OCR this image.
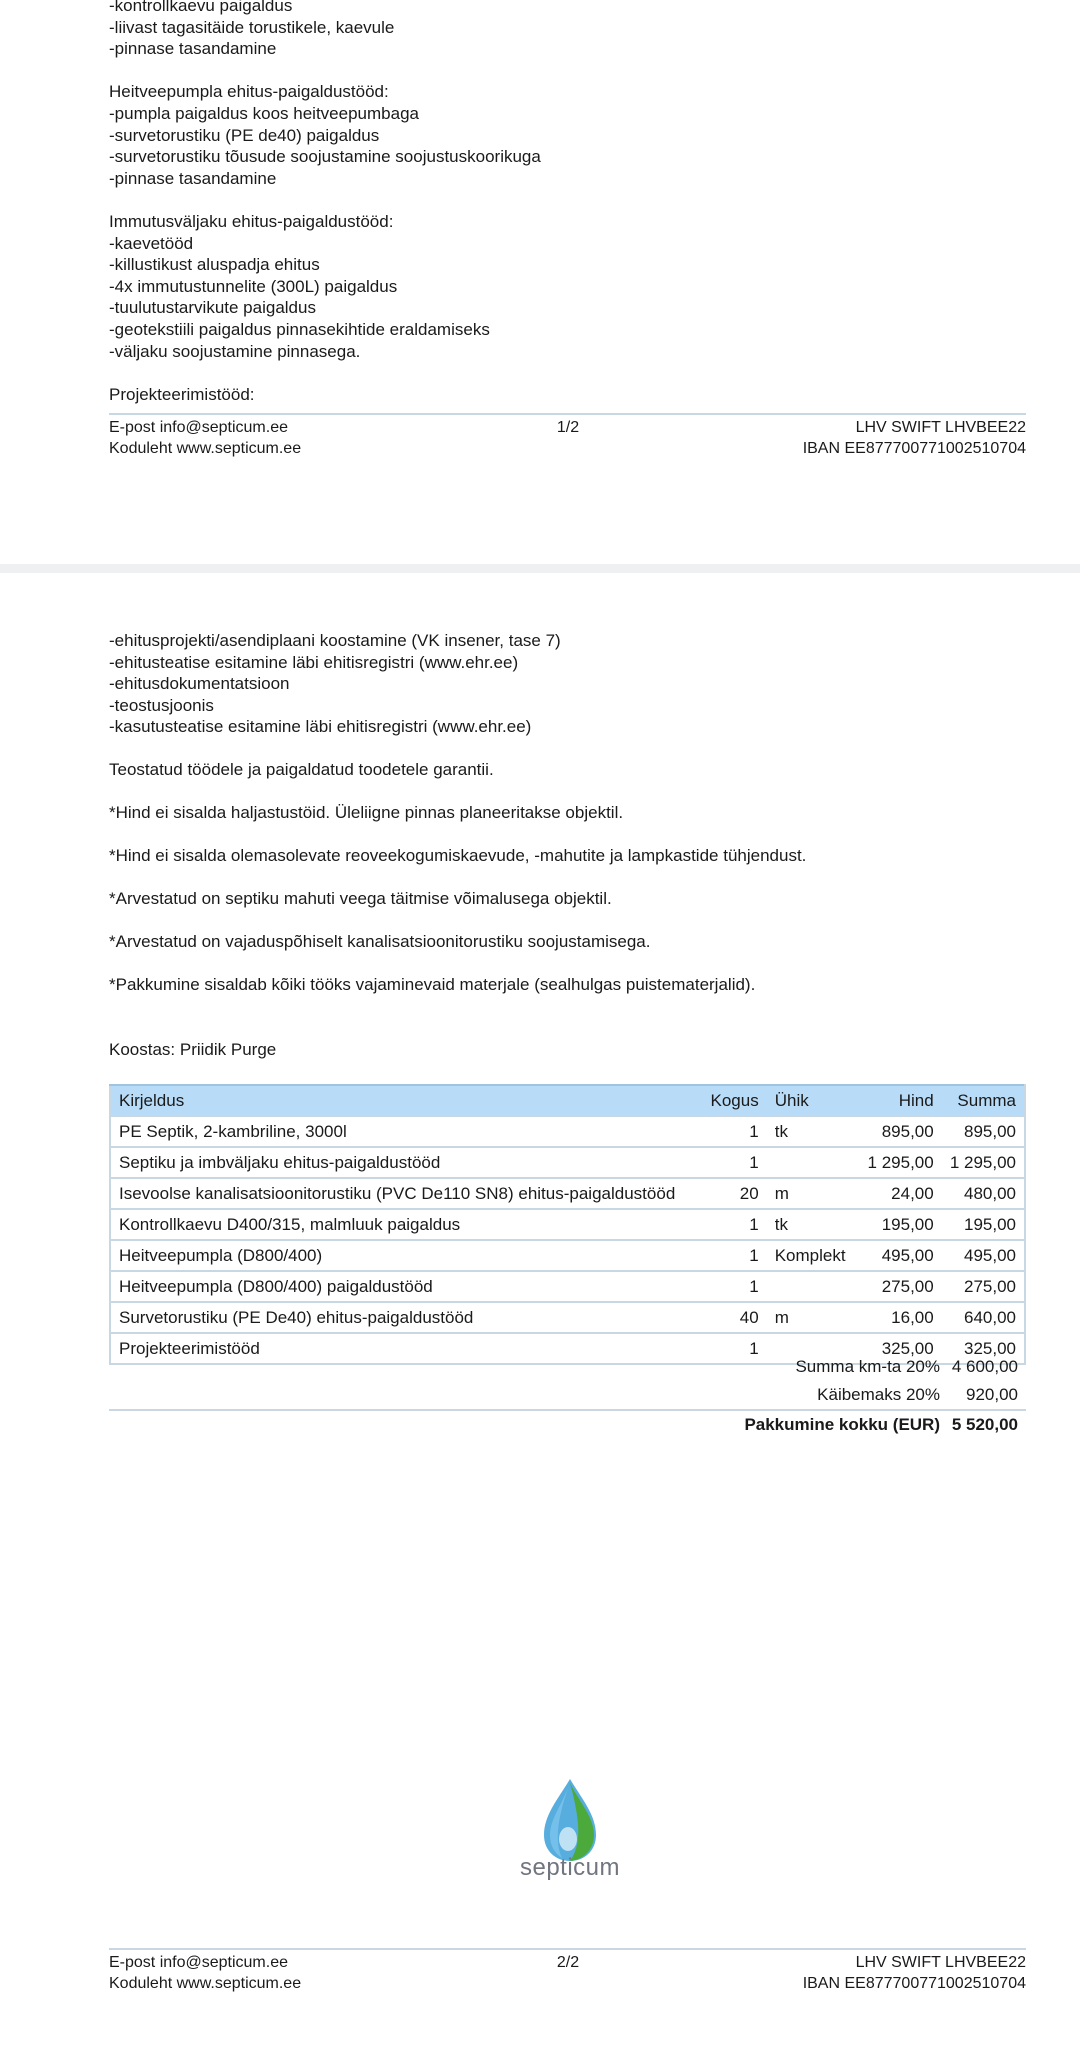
-kontrollkaevu paigaldus
-liivast tagasitäide torustikele, kaevule
-pinnase tasandamine
Heitveepumpla ehitus-paigaldustööd:
-pumpla paigaldus koos heitveepumbaga
-survetorustiku (PE de40) paigaldus
-survetorustiku tõusude soojustamine soojustuskoorikuga
-pinnase tasandamine
Immutusväljaku ehitus-paigaldustööd:
-kaevetööd
-killustikust aluspadja ehitus
-4x immutustunnelite (300L) paigaldus
-tuulutustarvikute paigaldus
-geotekstiili paigaldus pinnasekihtide eraldamiseks
-väljaku soojustamine pinnasega.
Projekteerimistööd:
E-post info@septicum.ee
Koduleht www.septicum.ee
1/2	LHV SWIFT LHVBEE22
IBAN EE877700771002510704
-ehitusprojekti/asendiplaani koostamine (VK insener, tase 7)
-ehitusteatise esitamine läbi ehitisregistri (www.ehr.ee)
-ehitusdokumentatsioon
-teostusjoonis
-kasutusteatise esitamine läbi ehitisregistri (www.ehr.ee)
Teostatud töödele ja paigaldatud toodetele garantii.
*Hind ei sisalda haljastustöid. Üleliigne pinnas planeeritakse objektil.
*Hind ei sisalda olemasolevate reoveekogumiskaevude, -mahutite ja lampkastide tühjendust.
*Arvestatud on septiku mahuti veega täitmise võimalusega objektil.
*Arvestatud on vajaduspõhiselt kanalisatsioonitorustiku soojustamisega.
*Pakkumine sisaldab kõiki tööks vajaminevaid materjale (sealhulgas puistematerjalid).
Koostas: Priidik Purge
Kirjeldus	Kogus	Ühik	Hind	Summa
PE Septik, 2-kambriline, 3000l	1	tk	895,00	895,00
Septiku ja imbväljaku ehitus-paigaldustööd	1		1 295,00	1 295,00
Isevoolse kanalisatsioonitorustiku (PVC De110 SN8) ehitus-paigaldustööd	20	m	24,00	480,00
Kontrollkaevu D400/315, malmluuk paigaldus	1	tk	195,00	195,00
Heitveepumpla (D800/400)	1	Komplekt	495,00	495,00
Heitveepumpla (D800/400) paigaldustööd	1		275,00	275,00
Survetorustiku (PE De40) ehitus-paigaldustööd	40	m	16,00	640,00
Projekteerimistööd	1		325,00	325,00
Summa km-ta 20% 4 600,00
Käibemaks 20%	920,00
Pakkumine kokku (EUR) 5 520,00
septicum
E-post info@septicum.ee
Koduleht www.septicum.ee
2/2	LHV SWIFT LHVBEE22
IBAN EE877700771002510704
